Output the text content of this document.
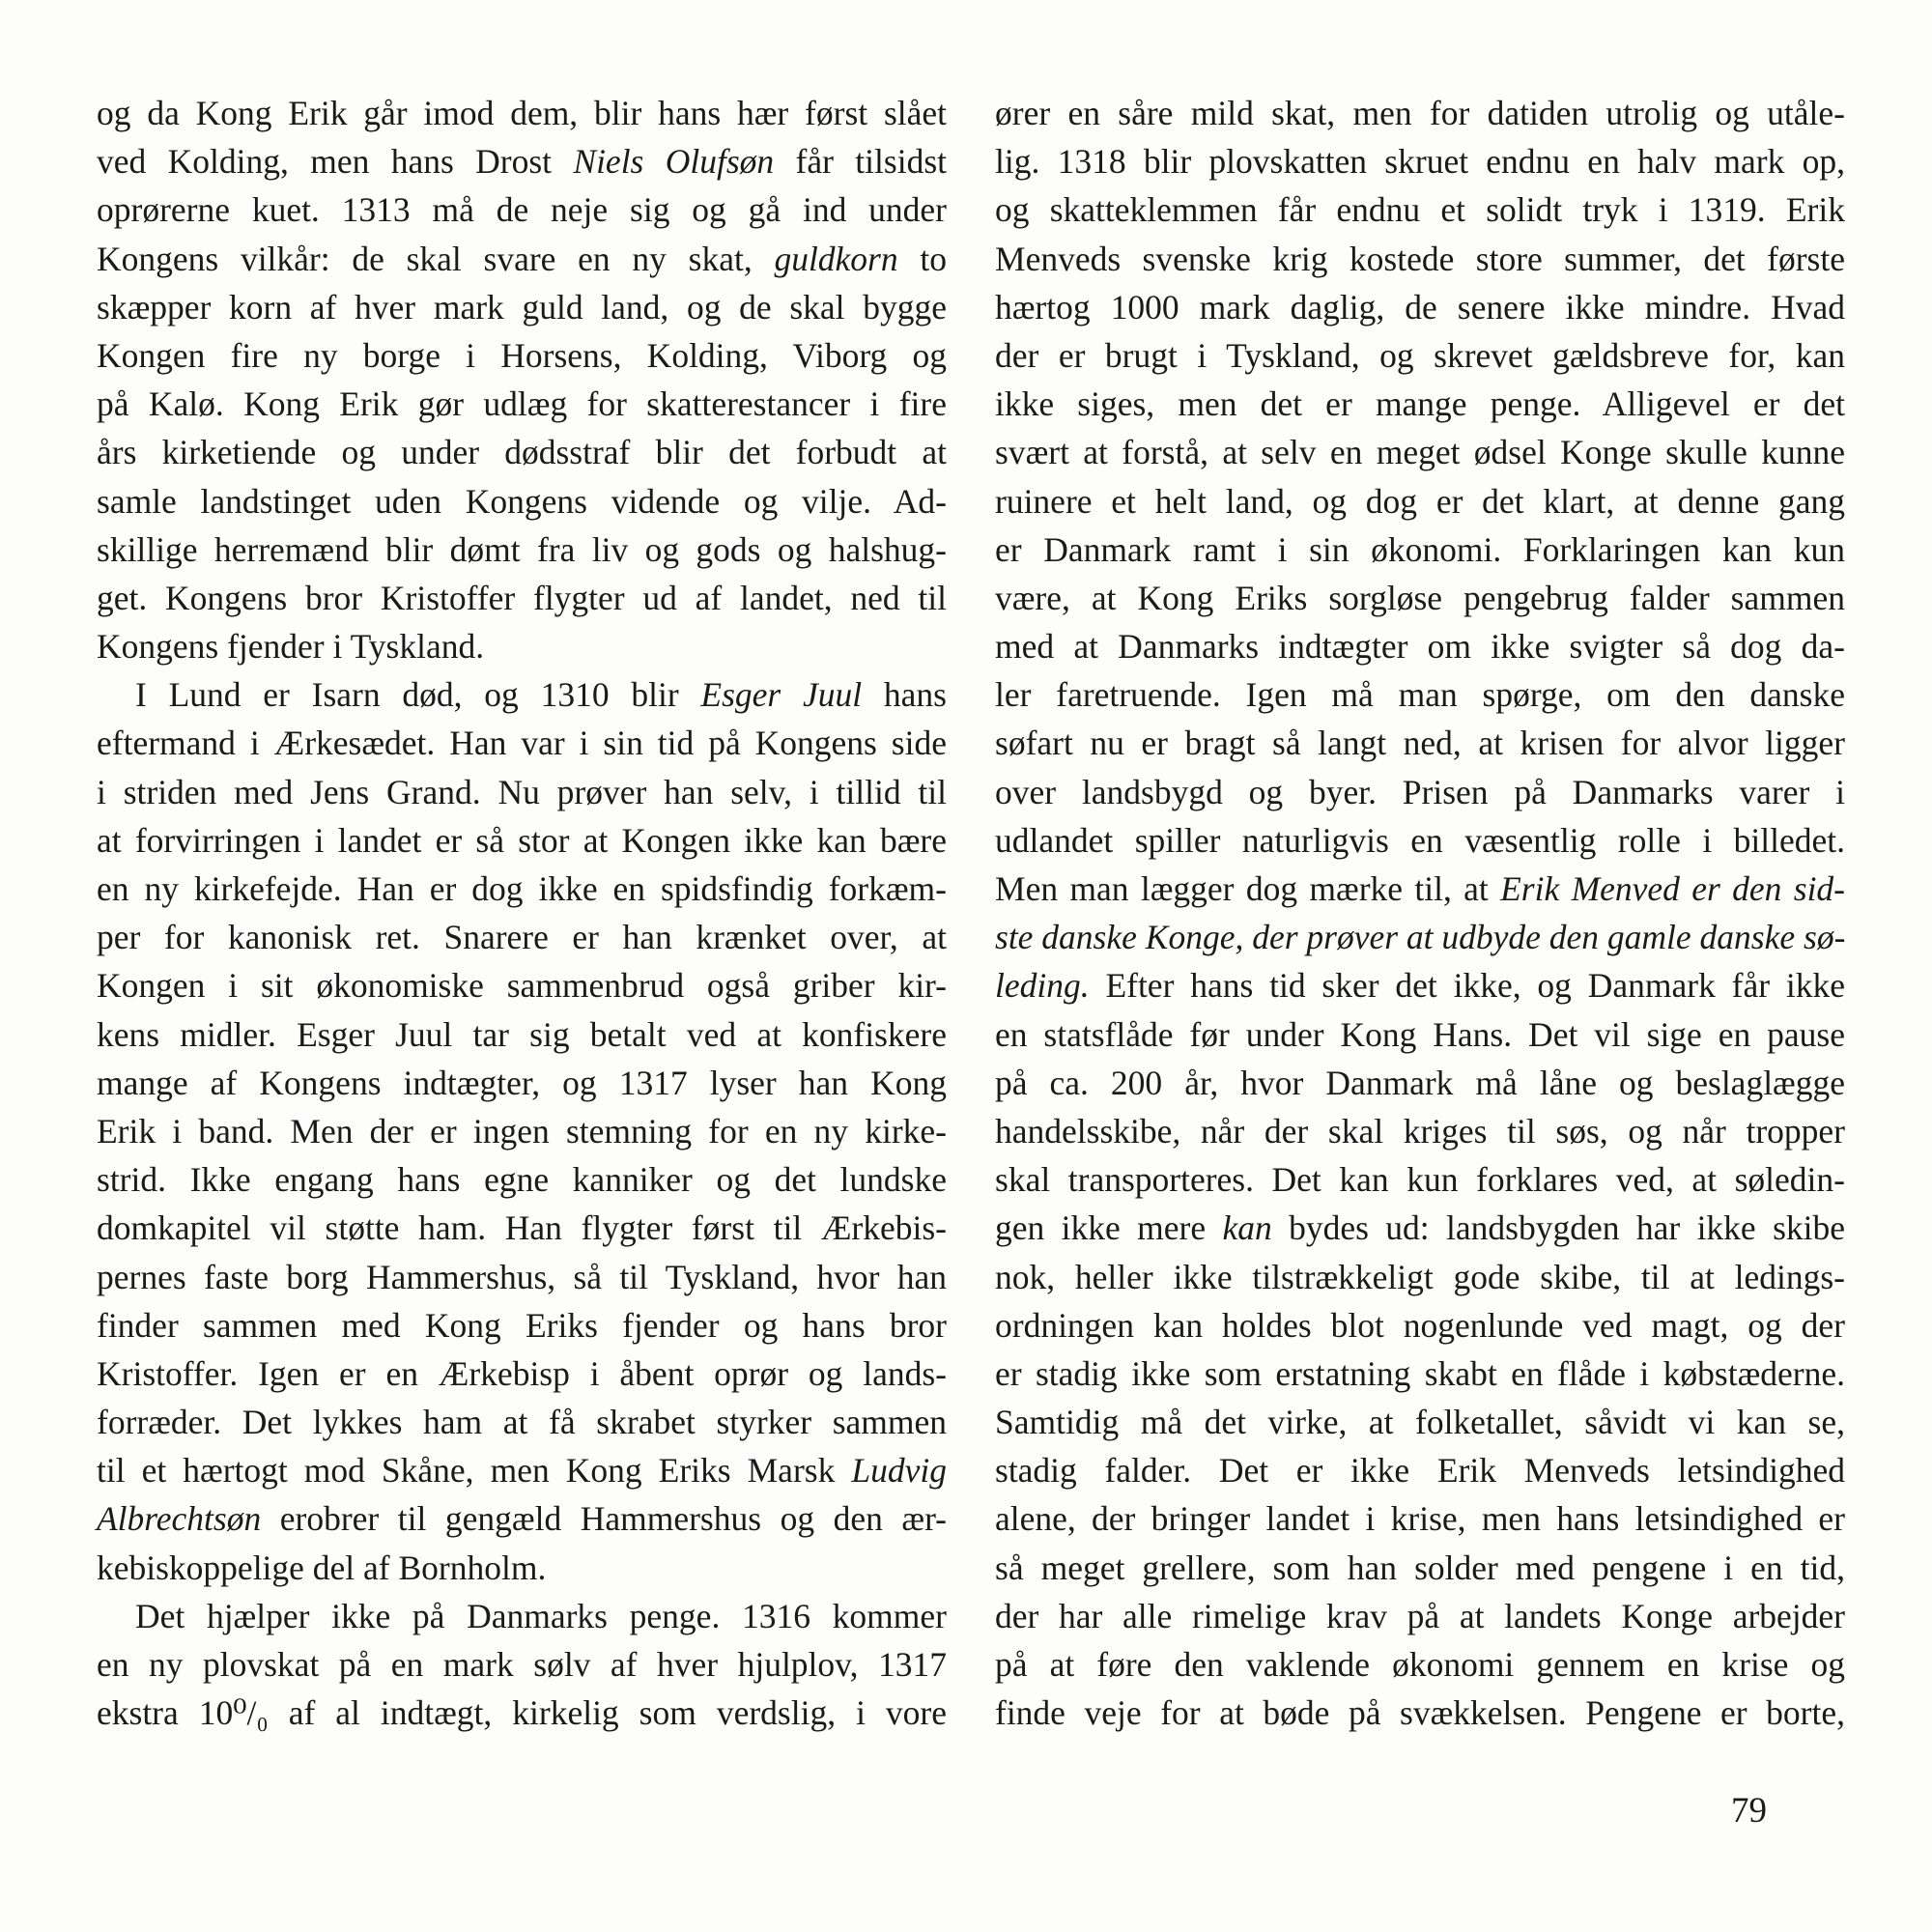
og da Kong Erik går imod dem, blir hans hær først slået
ved Kolding, men hans Drost Niels Olufsøn får tilsidst
oprørerne kuet. 1313 må de neje sig og gå ind under
Kongens vilkår: de skal svare en ny skat, guldkorn to
skæpper korn af hver mark guld land, og de skal bygge
Kongen fire ny borge i Horsens, Kolding, Viborg og
på Kalø. Kong Erik gør udlæg for skatterestancer i fire
års kirketiende og under dødsstraf blir det forbudt at
samle landstinget uden Kongens vidende og vilje. Ad-
skillige herremænd blir dømt fra liv og gods og halshug-
get. Kongens bror Kristoffer flygter ud af landet, ned til
Kongens fjender i Tyskland.
I Lund er Isarn død, og 1310 blir Esger Juul hans
eftermand i Ærkesædet. Han var i sin tid på Kongens side
i striden med Jens Grand. Nu prøver han selv, i tillid til
at forvirringen i landet er så stor at Kongen ikke kan bære
en ny kirkefejde. Han er dog ikke en spidsfindig forkæm-
per for kanonisk ret. Snarere er han krænket over, at
Kongen i sit økonomiske sammenbrud også griber kir-
kens midler. Esger Juul tar sig betalt ved at konfiskere
mange af Kongens indtægter, og 1317 lyser han Kong
Erik i band. Men der er ingen stemning for en ny kirke-
strid. Ikke engang hans egne kanniker og det lundske
domkapitel vil støtte ham. Han flygter først til Ærkebis-
pernes faste borg Hammershus, så til Tyskland, hvor han
finder sammen med Kong Eriks fjender og hans bror
Kristoffer. Igen er en Ærkebisp i åbent oprør og lands-
forræder. Det lykkes ham at få skrabet styrker sammen
til et hærtogt mod Skåne, men Kong Eriks Marsk Ludvig
Albrechtsøn erobrer til gengæld Hammershus og den ær-
kebiskoppelige del af Bornholm.
Det hjælper ikke på Danmarks penge. 1316 kommer
en ny plovskat på en mark sølv af hver hjulplov, 1317
ekstra 10⁰/₀ af al indtægt, kirkelig som verdslig, i vore
ører en såre mild skat, men for datiden utrolig og utåle-
lig. 1318 blir plovskatten skruet endnu en halv mark op,
og skatteklemmen får endnu et solidt tryk i 1319. Erik
Menveds svenske krig kostede store summer, det første
hærtog 1000 mark daglig, de senere ikke mindre. Hvad
der er brugt i Tyskland, og skrevet gældsbreve for, kan
ikke siges, men det er mange penge. Alligevel er det
svært at forstå, at selv en meget ødsel Konge skulle kunne
ruinere et helt land, og dog er det klart, at denne gang
er Danmark ramt i sin økonomi. Forklaringen kan kun
være, at Kong Eriks sorgløse pengebrug falder sammen
med at Danmarks indtægter om ikke svigter så dog da-
ler faretruende. Igen må man spørge, om den danske
søfart nu er bragt så langt ned, at krisen for alvor ligger
over landsbygd og byer. Prisen på Danmarks varer i
udlandet spiller naturligvis en væsentlig rolle i billedet.
Men man lægger dog mærke til, at Erik Menved er den sid-
ste danske Konge, der prøver at udbyde den gamle danske sø-
leding. Efter hans tid sker det ikke, og Danmark får ikke
en statsflåde før under Kong Hans. Det vil sige en pause
på ca. 200 år, hvor Danmark må låne og beslaglægge
handelsskibe, når der skal kriges til søs, og når tropper
skal transporteres. Det kan kun forklares ved, at søledin-
gen ikke mere kan bydes ud: landsbygden har ikke skibe
nok, heller ikke tilstrækkeligt gode skibe, til at ledings-
ordningen kan holdes blot nogenlunde ved magt, og der
er stadig ikke som erstatning skabt en flåde i købstæderne.
Samtidig må det virke, at folketallet, såvidt vi kan se,
stadig falder. Det er ikke Erik Menveds letsindighed
alene, der bringer landet i krise, men hans letsindighed er
så meget grellere, som han solder med pengene i en tid,
der har alle rimelige krav på at landets Konge arbejder
på at føre den vaklende økonomi gennem en krise og
finde veje for at bøde på svækkelsen. Pengene er borte,
79
